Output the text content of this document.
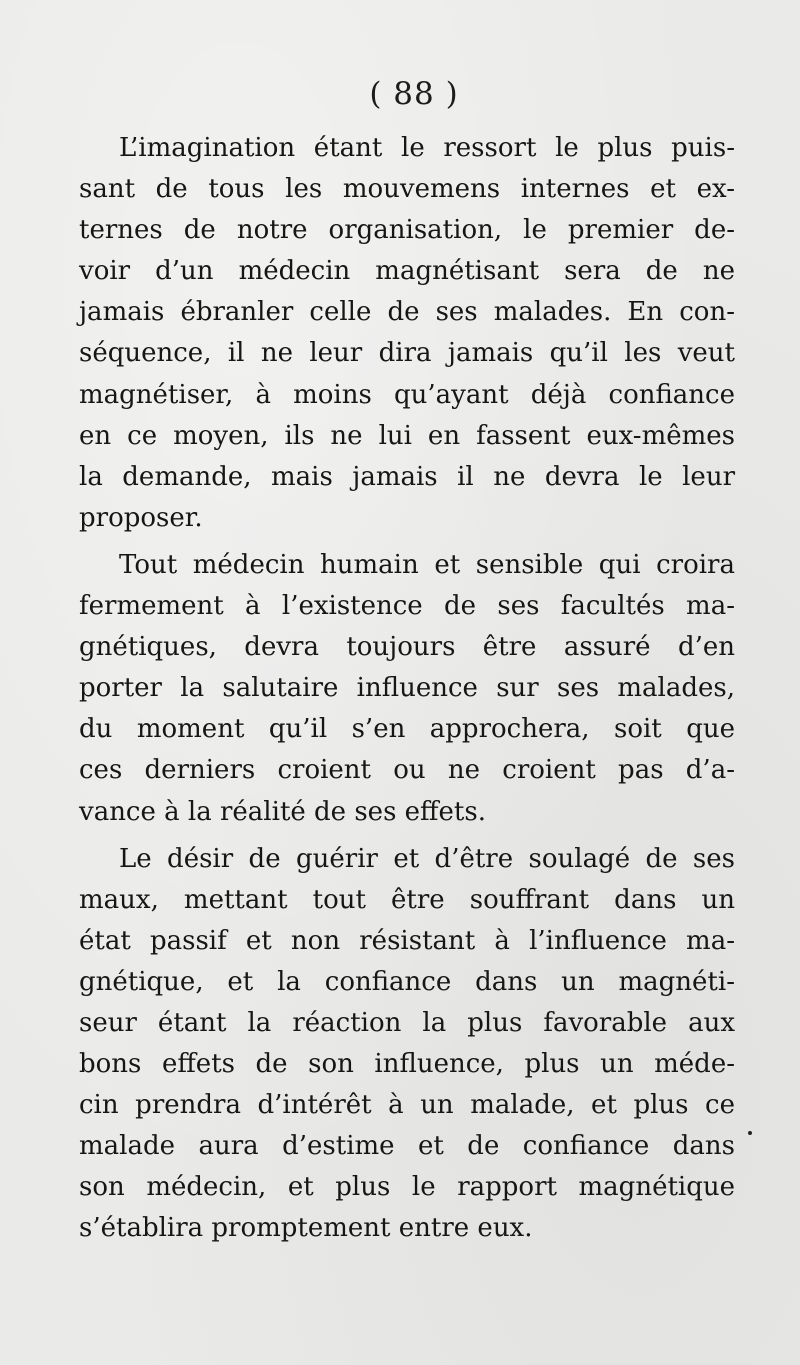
( 88 )

L’imagination étant le ressort le plus puis-
sant de tous les mouvemens internes et ex-
ternes de notre organisation, le premier de-
voir d’un médecin magnétisant sera de ne
jamais ébranler celle de ses malades. En con-
séquence, il ne leur dira jamais qu’il les veut
magnétiser, à moins qu’ayant déjà confiance
en ce moyen, ils ne lui en fassent eux-mêmes
la demande, mais jamais il ne devra le leur
proposer.

Tout médecin humain et sensible qui croira
fermement à l’existence de ses facultés ma-
gnétiques, devra toujours être assuré d’en
porter la salutaire influence sur ses malades,
du moment qu’il s’en approchera, soit que
ces derniers croient ou ne croient pas d’a-
vance à la réalité de ses effets.

Le désir de guérir et d’être soulagé de ses
maux, mettant tout être souffrant dans un
état passif et non résistant à l’influence ma-
gnétique, et la confiance dans un magnéti-
seur étant la réaction la plus favorable aux
bons effets de son influence, plus un méde-
cin prendra d’intérêt à un malade, et plus ce
malade aura d’estime et de confiance dans
son médecin, et plus le rapport magnétique
s’établira promptement entre eux.
